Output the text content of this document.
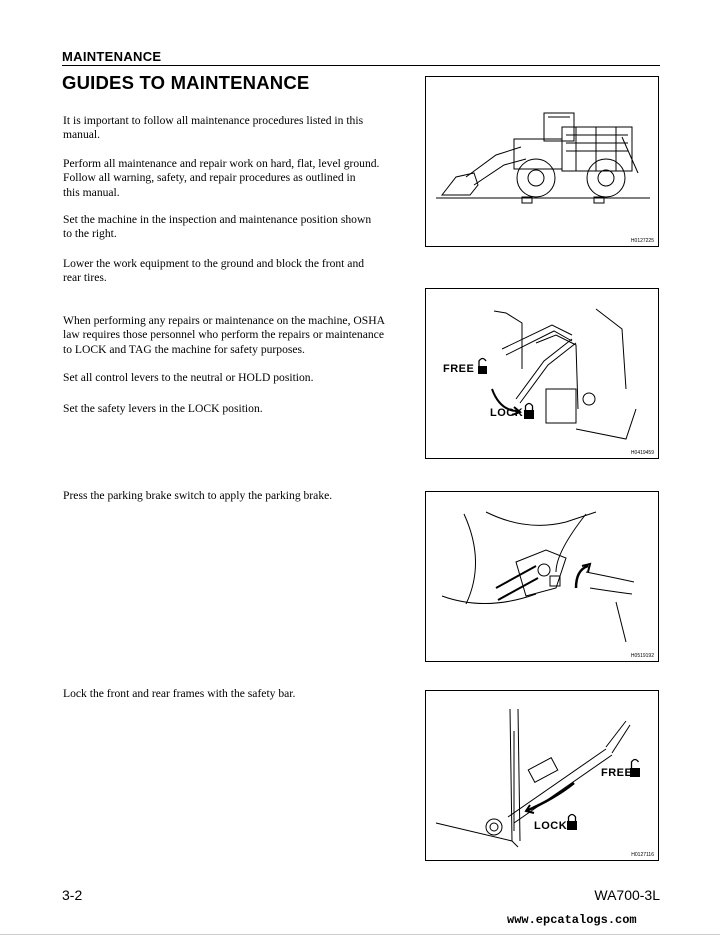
MAINTENANCE
GUIDES TO MAINTENANCE
It is important to follow all maintenance procedures listed in this
manual.
Perform all maintenance and repair work on hard, flat, level ground.
Follow all warning, safety, and repair procedures as outlined in
this manual.
Set the machine in the inspection and maintenance position shown
to the right.
Lower the work equipment to the ground and block the front and
rear tires.
When performing any repairs or maintenance on the machine, OSHA
law requires those personnel who perform the repairs or maintenance
to LOCK and TAG the machine for safety purposes.
Set all control levers to the neutral or HOLD position.
Set the safety levers in the LOCK position.
Press the parking brake switch to apply the parking brake.
Lock the front and rear frames with the safety bar.
H0127225
FREE
LOCK
H0419459
H0519192
FREE
LOCK
H0127116
3-2	WA700-3L
www.epcatalogs.com
